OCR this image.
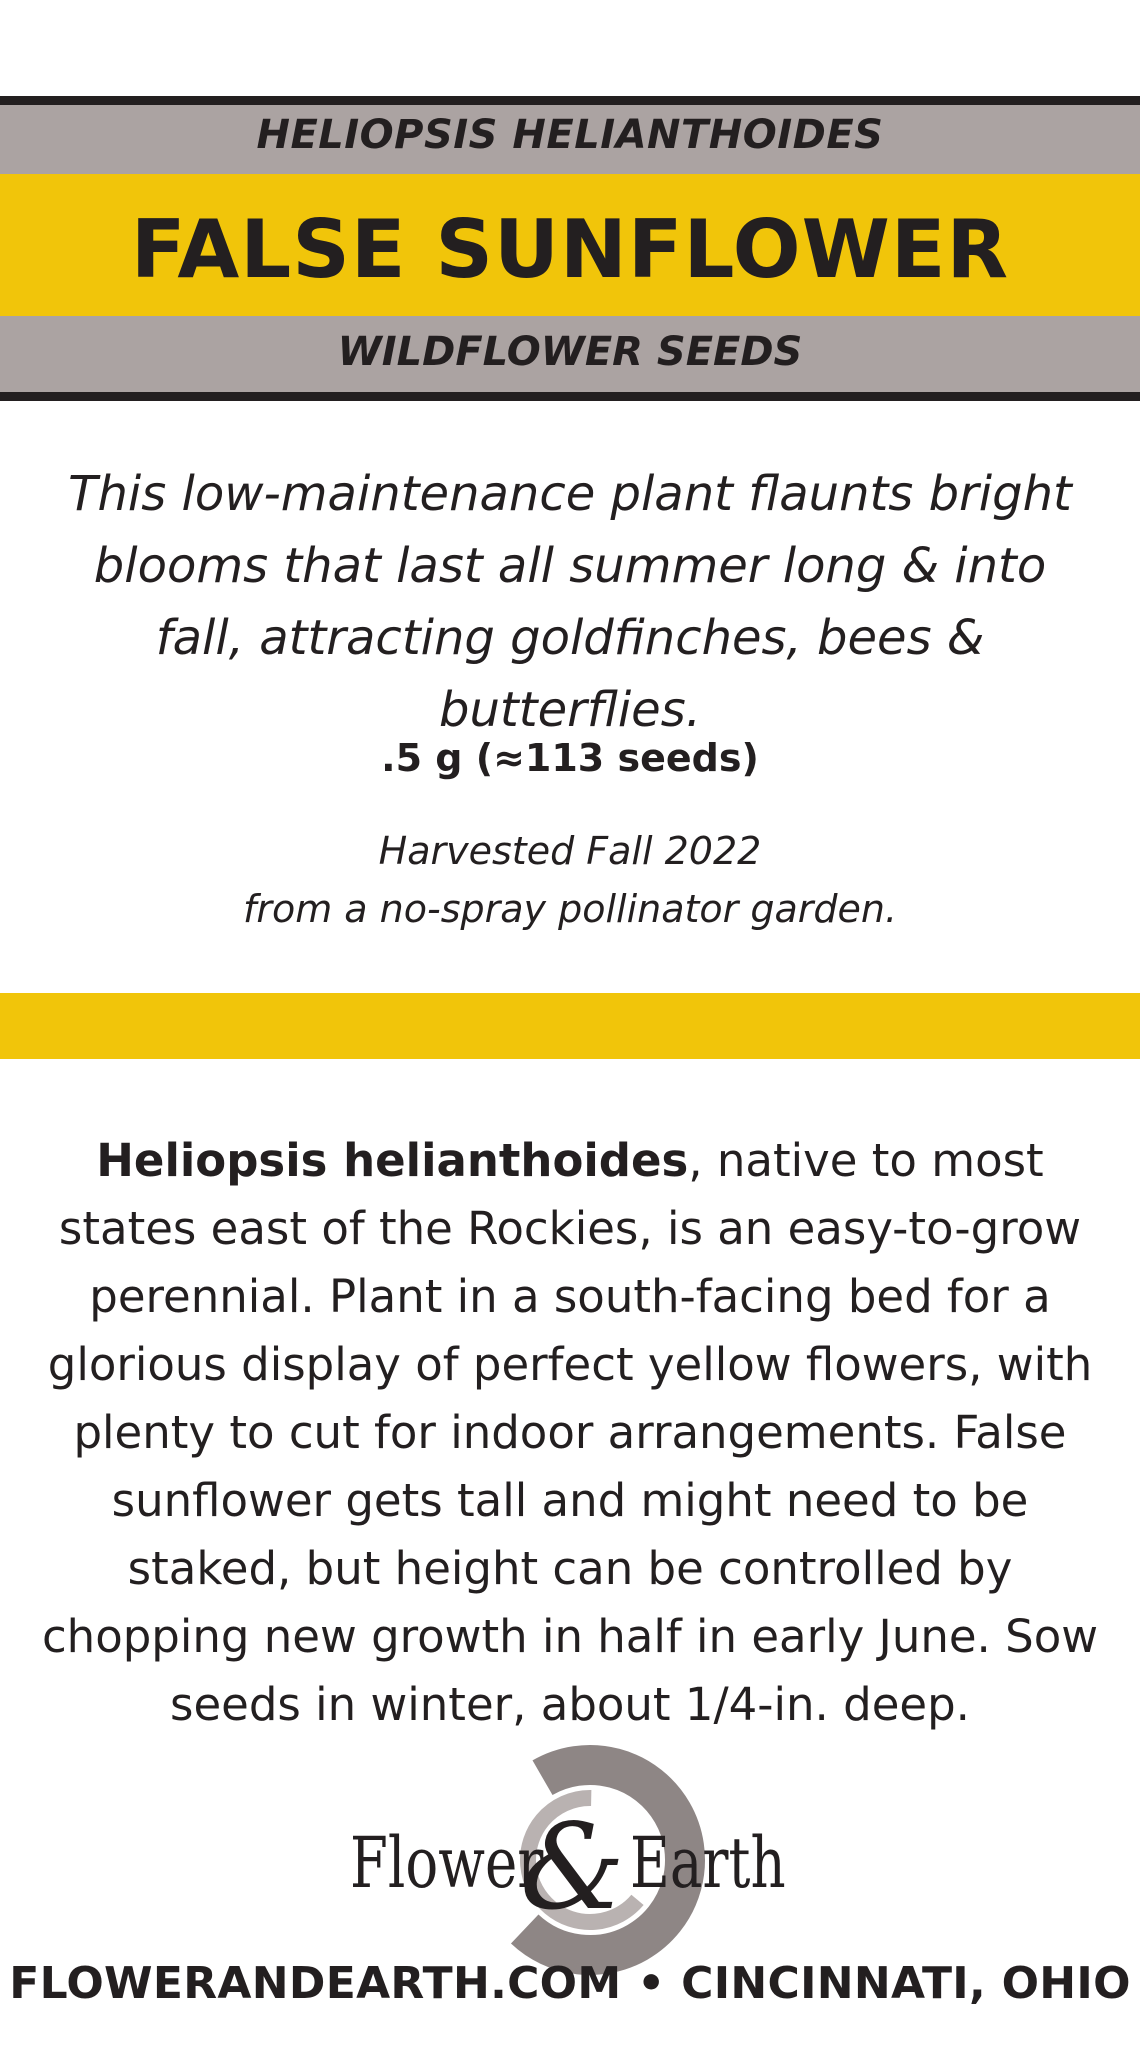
HELIOPSIS HELIANTHOIDES
FALSE SUNFLOWER
WILDFLOWER SEEDS
This low-maintenance plant flaunts bright blooms that last all summer long & into fall, attracting goldfinches, bees & butterflies.
.5 g (≈113 seeds)
Harvested Fall 2022
from a no-spray pollinator garden.
Heliopsis helianthoides, native to most states east of the Rockies, is an easy-to-grow perennial. Plant in a south-facing bed for a glorious display of perfect yellow flowers, with plenty to cut for indoor arrangements. False sunflower gets tall and might need to be staked, but height can be controlled by chopping new growth in half in early June. Sow seeds in winter, about 1/4-in. deep.
Flower
& Earth
FLOWERANDEARTH.COM • CINCINNATI, OHIO
